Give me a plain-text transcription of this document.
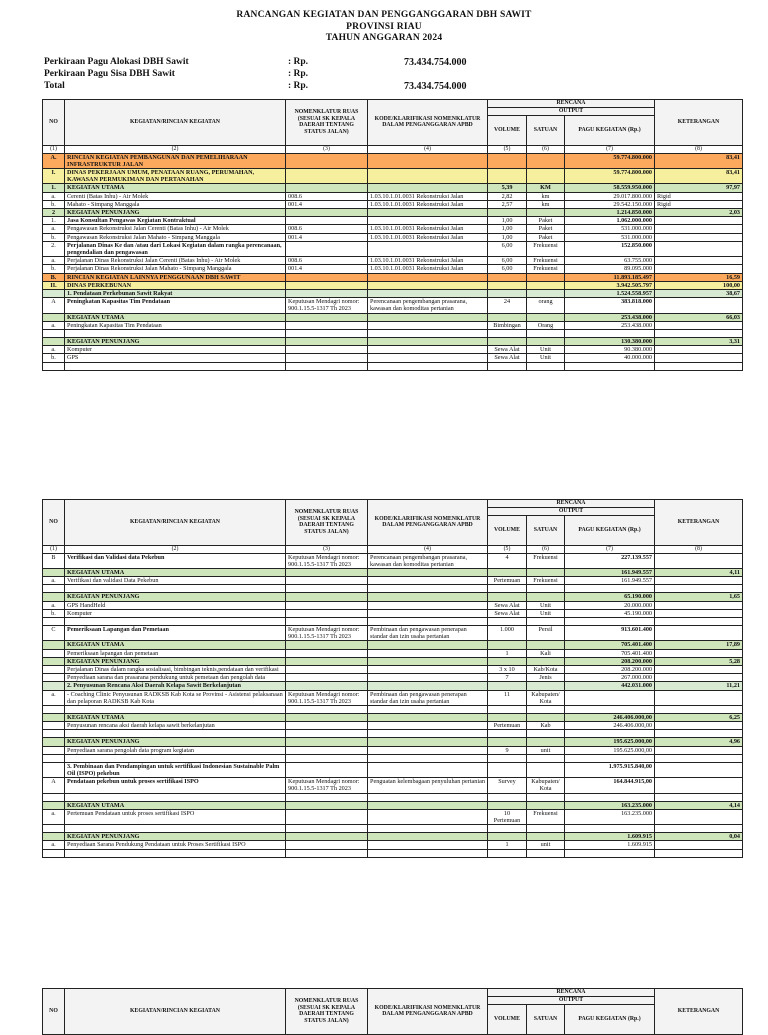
RANCANGAN KEGIATAN DAN PENGGANGGARAN DBH SAWIT
PROVINSI RIAU
TAHUN ANGGARAN 2024
Perkiraan Pagu Alokasi DBH Sawit	: Rp.	73.434.754.000
Perkiraan Pagu Sisa DBH Sawit	: Rp.
Total	: Rp.	73.434.754.000
NO	KEGIATAN/RINCIAN KEGIATAN	NOMENKLATUR RUAS (SESUAI SK KEPALA DAERAH TENTANG STATUS JALAN)	KODE/KLARIFIKASI NOMENKLATUR DALAM PENGANGGARAN APBD	RENCANA			KETERANGAN
				OUTPUT			
				VOLUME	SATUAN	PAGU KEGIATAN (Rp.)	
(1)	(2)	(3)	(4)	(5)	(6)	(7)	(8)
A.	RINCIAN KEGIATAN PEMBANGUNAN DAN PEMELIHARAAN INFRASTRUKTUR JALAN					59.774.800.000	83,41
I.	DINAS PEKERJAAN UMUM, PENATAAN RUANG, PERUMAHAN, KAWASAN PERMUKIMAN DAN PERTANAHAN					59.774.800.000	83,41
1.	KEGIATAN UTAMA			5,39	KM	58.559.950.000	97,97
a.	Cerenti (Batas Inhu) - Air Molek	008.6	1.03.10.1.01.0031 Rekonstruksi Jalan	2,82	km	29.017.800.000	Rigid
b.	Mahato - Simpang Manggala	001.4	1.03.10.1.01.0031 Rekonstruksi Jalan	2,57	km	29.542.150.000	Rigid
2	KEGIATAN PENUNJANG					1.214.850.000	2,03
1.	Jasa Konsultan Pengawas Kegiatan Kontraktual			1,00	Paket	1.062.000.000	
a.	Pengawasan Rekonstruksi Jalan Cerenti (Batas Inhu) - Air Molek	008.6	1.03.10.1.01.0031 Rekonstruksi Jalan	1,00	Paket	531.000.000	
b.	Pengawasan Rekonstruksi Jalan Mahato - Simpang Manggala	001.4	1.03.10.1.01.0031 Rekonstruksi Jalan	1,00	Paket	531.000.000	
2.	Perjalanan Dinas Ke dan /atau dari Lokasi Kegiatan dalam rangka perencanaan, pengendalian dan pengawasan			6,00	Frekuensi	152.850.000	
a.	Perjalanan Dinas Rekonstruksi Jalan Cerenti (Batas Inhu) - Air Molek	008.6	1.03.10.1.01.0031 Rekonstruksi Jalan	6,00	Frekuensi	63.755.000	
b.	Perjalanan Dinas Rekonstruksi Jalan Mahato - Simpang Manggala	001.4	1.03.10.1.01.0031 Rekonstruksi Jalan	6,00	Frekuensi	89.095.000	
B.	RINCIAN KEGIATAN LAINNYA PENGGUNAAN DBH SAWIT					11.893.185.497	16,59
II.	DINAS PERKEBUNAN					3.942.505.797	100,00
	1. Pendataan Perkebunan Sawit Rakyat					1.524.558.957	38,67
A	Peningkatan Kapasitas Tim Pendataan	Keputusan Mendagri nomor: 900.1.15.5-1317 Th 2023	Perencanaan pengembangan prasarana, kawasan dan komoditas pertanian	24	orang	383.818.000	
	KEGIATAN UTAMA					253.438.000	66,03
a.	Peningkatan Kapasitas Tim Pendataan			Bimbingan	Orang	253.438.000	

	KEGIATAN PENUNJANG					130.380.000	3,31
a.	Komputer			Sewa Alat	Unit	90.380.000	
b.	GPS			Sewa Alat	Unit	40.000.000	

NO	KEGIATAN/RINCIAN KEGIATAN	NOMENKLATUR RUAS (SESUAI SK KEPALA DAERAH TENTANG STATUS JALAN)	KODE/KLARIFIKASI NOMENKLATUR DALAM PENGANGGARAN APBD	RENCANA			KETERANGAN
				OUTPUT			
				VOLUME	SATUAN	PAGU KEGIATAN (Rp.)	
(1)	(2)	(3)	(4)	(5)	(6)	(7)	(8)
B	Verifikasi dan Validasi data Pekebun	Keputusan Mendagri nomor: 900.1.15.5-1317 Th 2023	Perencanaan pengembangan prasarana, kawasan dan komoditas pertanian	4	Frekuensi	227.139.557	
	KEGIATAN UTAMA					161.949.557	4,11
a.	Verifikasi dan validasi Data Pekebun			Pertemuan	Frekuensi	161.949.557	

	KEGIATAN PENUNJANG					65.190.000	1,65
a.	GPS HandHeld			Sewa Alat	Unit	20.000.000	
b.	Komputer			Sewa Alat	Unit	45.190.000	

C	Pemeriksaan Lapangan dan Pemetaan	Keputusan Mendagri nomor: 900.1.15.5-1317 Th 2023	Pembinaan dan pengawasan penerapan standar dan izin usaha pertanian	1.000	Persil	913.601.400	
	KEGIATAN UTAMA					705.401.400	17,89
	Pemeriksaan lapangan dan pemetaan			1	Kali	705.401.400	
	KEGIATAN PENUNJANG					208.200.000	5,28
	Perjalanan Dinas dalam rangka sosialisasi, bimbingan teknis,pendataan dan verifikasi			3 x 10	Kab/Kota	208.200.000	
	Penyediaan sarana dan prasarana pendukung untuk pemetaan dan pengolah data			7	Jenis	267.000.000	
	2. Penyusunan Rencana Aksi Daerah Kelapa Sawit Berkelanjutan					442.031.000	11,21
a.	- Coaching Clinic Penyusunan RADKSB Kab Kota se Provinsi - Asistensi pelaksanaan dan pelaporan RADKSB Kab Kota	Keputusan Mendagri nomor: 900.1.15.5-1317 Th 2023	Pembinaan dan pengawasan penerapan standar dan izin usaha pertanian	11	Kabupaten/ Kota		

	KEGIATAN UTAMA					246.406.000,00	6,25
	Penyusunan rencana aksi daerah kelapa sawit berkelanjutan			Pertemuan	Kab	246.406.000,00	

	KEGIATAN PENUNJANG					195.625.000,00	4,96
	Penyediaan sarana pengolah data program kegiatan			9	unit	195.625.000,00	

	3. Pembinaan dan Pendampingan untuk sertifikasi Indonesian Sustainable Palm Oil (ISPO) pekebun					1.975.915.840,00	
A	Pendataan pekebun untuk proses sertifikasi ISPO	Keputusan Mendagri nomor: 900.1.15.5-1317 Th 2023	Penguatan kelembagaan penyuluhan pertanian	Survey	Kabupaten/ Kota	164.844.915,00	

	KEGIATAN UTAMA					163.235.000	4,14
a.	Pertemuan Pendataan untuk proses sertifikasi ISPO			10 Pertemuan	Frekuensi	163.235.000	

	KEGIATAN PENUNJANG					1.609.915	0,04
a.	Penyediaan Sarana Pendukung Pendataan untuk Proses Sertifikasi ISPO			1	unit	1.609.915	

NO	KEGIATAN/RINCIAN KEGIATAN	NOMENKLATUR RUAS (SESUAI SK KEPALA DAERAH TENTANG STATUS JALAN)	KODE/KLARIFIKASI NOMENKLATUR DALAM PENGANGGARAN APBD	RENCANA			KETERANGAN
				OUTPUT			
				VOLUME	SATUAN	PAGU KEGIATAN (Rp.)	
